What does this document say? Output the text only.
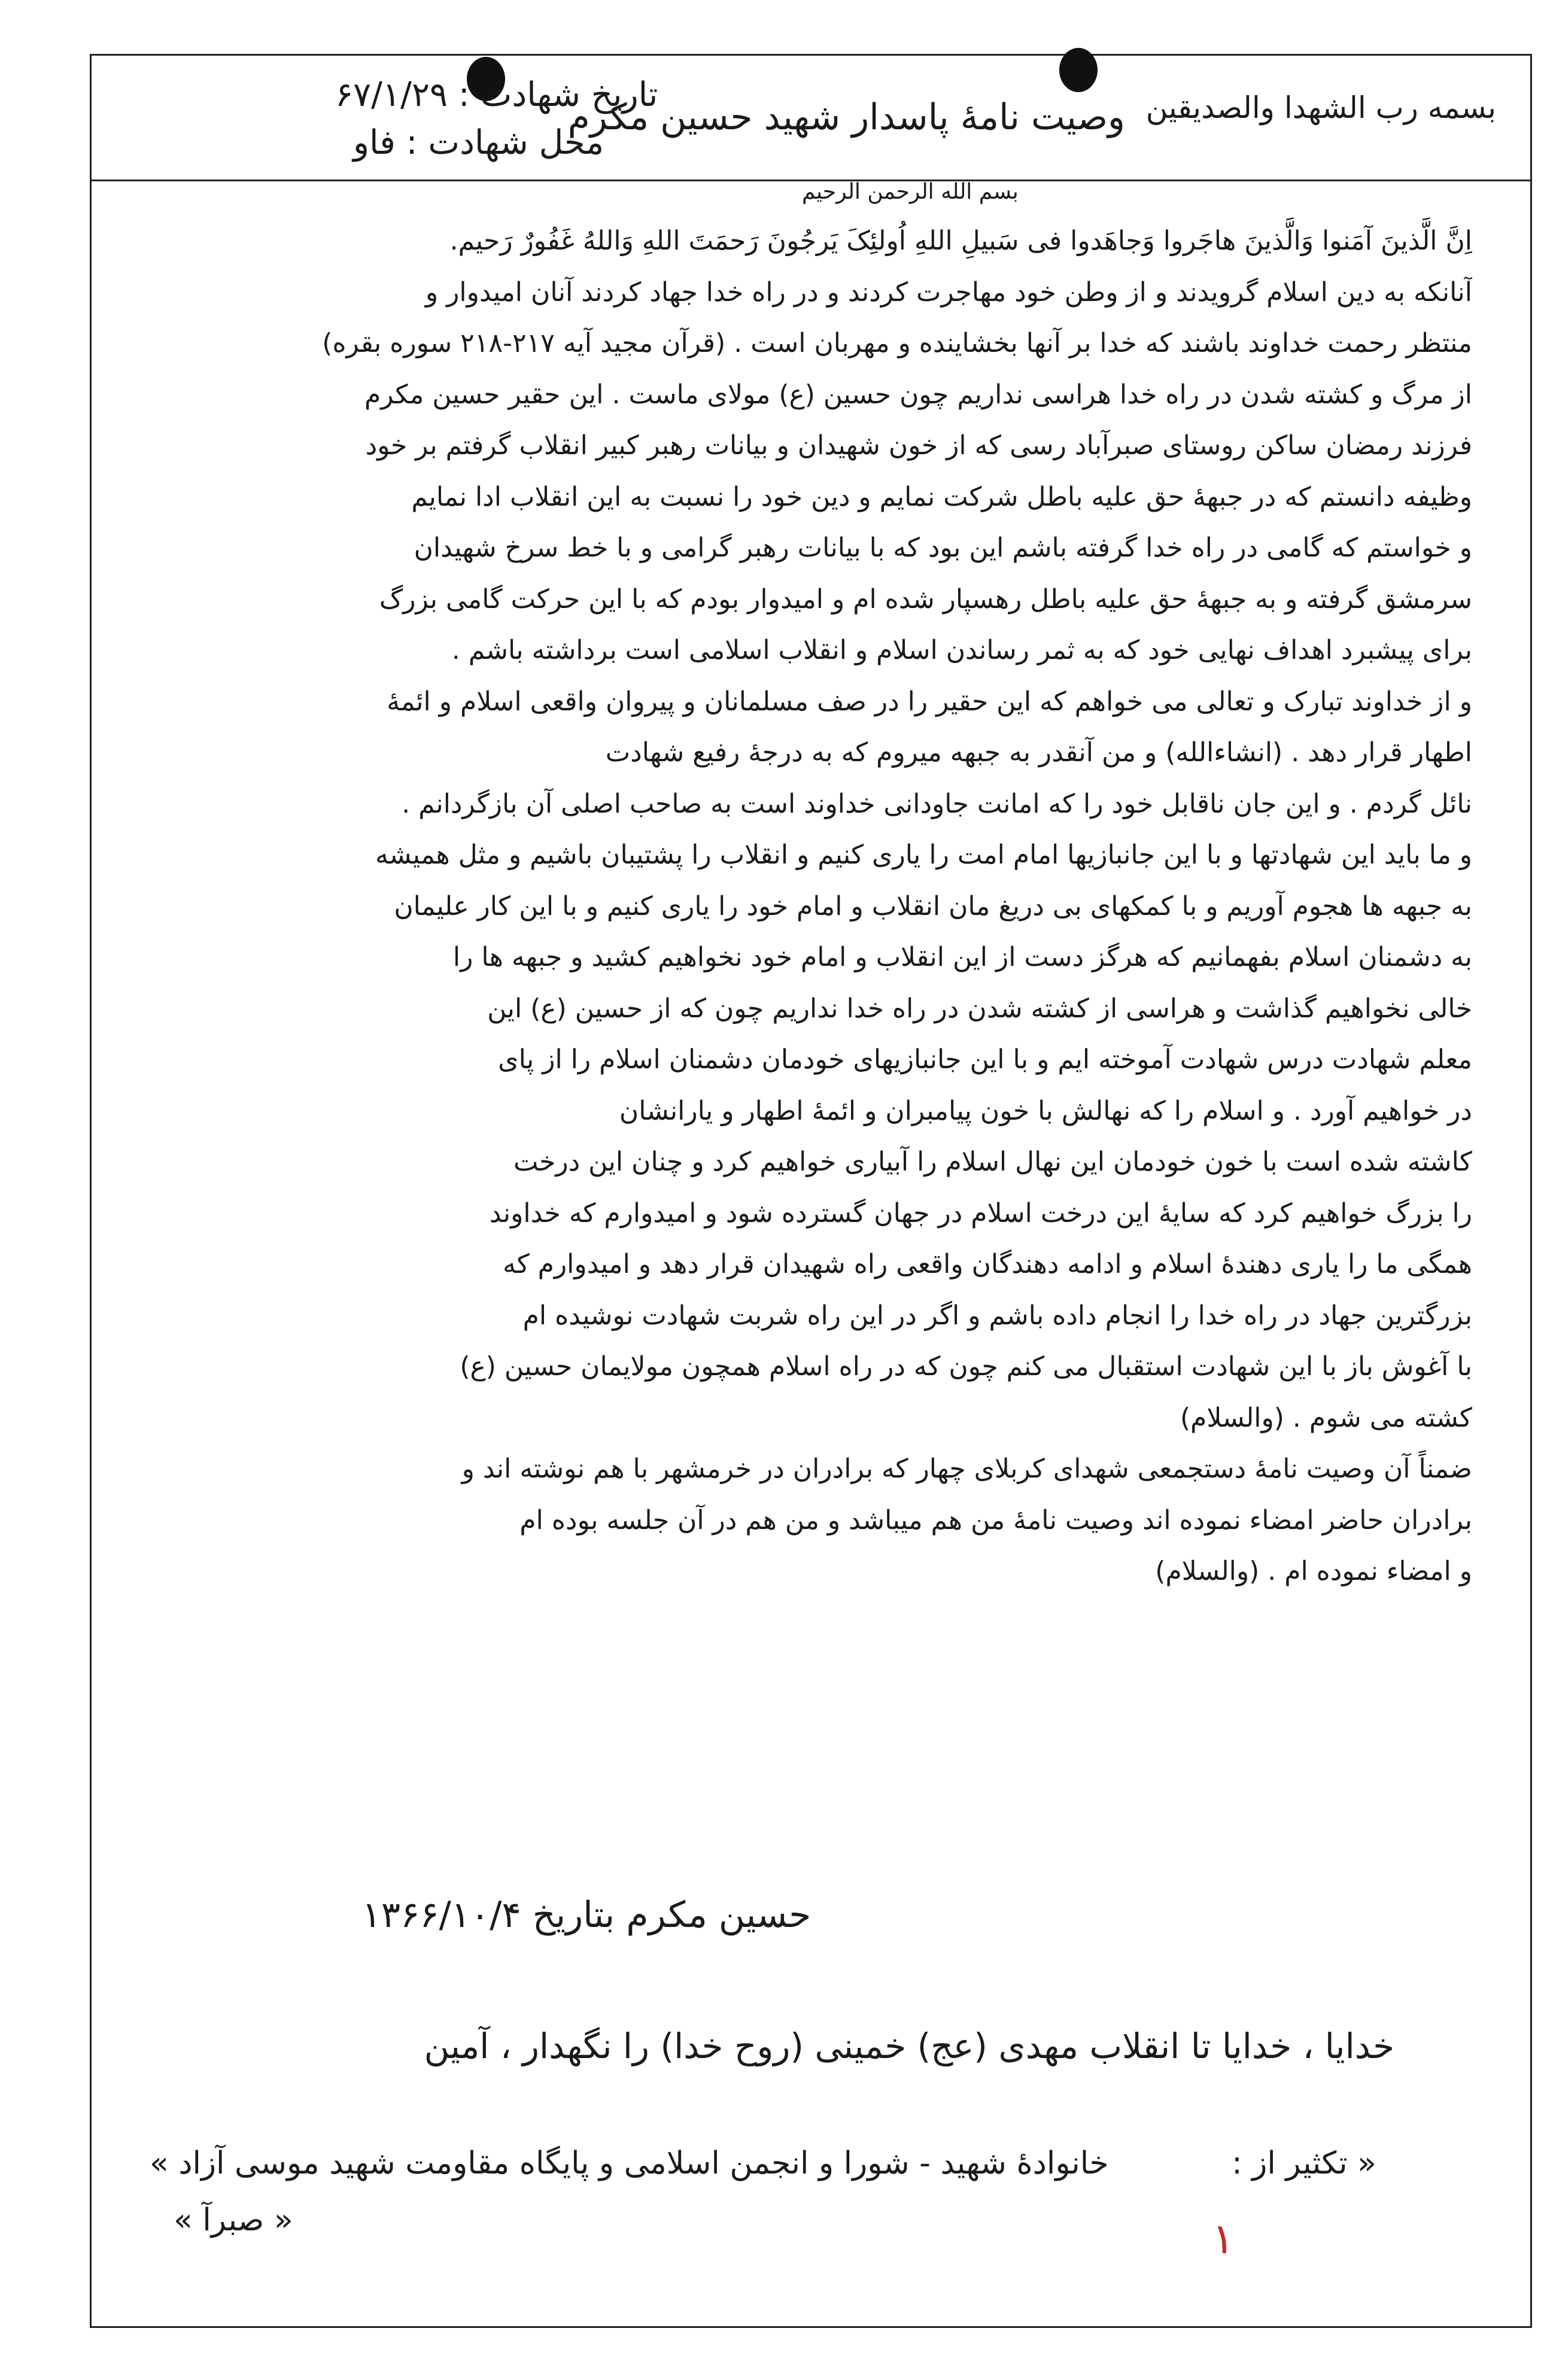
بسمه رب الشهدا والصدیقین
وصیت نامهٔ پاسدار شهید حسین مکرم
تاریخ شهادت : ۶۷/۱/۲۹
محل شهادت : فاو
بسم الله الرحمن الرحیم
اِنَّ الَّذینَ آمَنوا وَالَّذینَ هاجَروا وَجاهَدوا فی سَبیلِ اللهِ اُولئِکَ یَرجُونَ رَحمَتَ اللهِ وَاللهُ غَفُورٌ رَحیم.
آنانکه به دین اسلام گرویدند و از وطن خود مهاجرت کردند و در راه خدا جهاد کردند آنان امیدوار و
منتظر رحمت خداوند باشند که خدا بر آنها بخشاینده و مهربان است . (قرآن مجید آیه ۲۱۷-۲۱۸ سوره بقره)
از مرگ و کشته شدن در راه خدا هراسی نداریم چون حسین (ع) مولای ماست . این حقیر حسین مکرم
فرزند رمضان ساکن روستای صبرآباد رسی که از خون شهیدان و بیانات رهبر کبیر انقلاب گرفتم بر خود
وظیفه دانستم که در جبههٔ حق علیه باطل شرکت نمایم و دین خود را نسبت به این انقلاب ادا نمایم
و خواستم که گامی در راه خدا گرفته باشم این بود که با بیانات رهبر گرامی و با خط سرخ شهیدان
سرمشق گرفته و به جبههٔ حق علیه باطل رهسپار شده ام و امیدوار بودم که با این حرکت گامی بزرگ
برای پیشبرد اهداف نهایی خود که به ثمر رساندن اسلام و انقلاب اسلامی است برداشته باشم .
و از خداوند تبارک و تعالی می خواهم که این حقیر را در صف مسلمانان و پیروان واقعی اسلام و ائمهٔ
اطهار قرار دهد . (انشاءالله) و من آنقدر به جبهه میروم که به درجهٔ رفیع شهادت
نائل گردم . و این جان ناقابل خود را که امانت جاودانی خداوند است به صاحب اصلی آن بازگردانم .
و ما باید این شهادتها و با این جانبازیها امام امت را یاری کنیم و انقلاب را پشتیبان باشیم و مثل همیشه
به جبهه ها هجوم آوریم و با کمکهای بی دریغ مان انقلاب و امام خود را یاری کنیم و با این کار علیمان
به دشمنان اسلام بفهمانیم که هرگز دست از این انقلاب و امام خود نخواهیم کشید و جبهه ها را
خالی نخواهیم گذاشت و هراسی از کشته شدن در راه خدا نداریم چون که از حسین (ع) این
معلم شهادت درس شهادت آموخته ایم و با این جانبازیهای خودمان دشمنان اسلام را از پای
در خواهیم آورد . و اسلام را که نهالش با خون پیامبران و ائمهٔ اطهار و یارانشان
کاشته شده است با خون خودمان این نهال اسلام را آبیاری خواهیم کرد و چنان این درخت
را بزرگ خواهیم کرد که سایهٔ این درخت اسلام در جهان گسترده شود و امیدوارم که خداوند
همگی ما را یاری دهندهٔ اسلام و ادامه دهندگان واقعی راه شهیدان قرار دهد و امیدوارم که
بزرگترین جهاد در راه خدا را انجام داده باشم و اگر در این راه شربت شهادت نوشیده ام
با آغوش باز با این شهادت استقبال می کنم چون که در راه اسلام همچون مولایمان حسین (ع)
کشته می شوم . (والسلام)
ضمناً آن وصیت نامهٔ دستجمعی شهدای کربلای چهار که برادران در خرمشهر با هم نوشته اند و
برادران حاضر امضاء نموده اند وصیت نامهٔ من هم میباشد و من هم در آن جلسه بوده ام
و امضاء نموده ام . (والسلام)
حسین مکرم بتاریخ ۱۳۶۶/۱۰/۴
خدایا ، خدایا تا انقلاب مهدی (عج) خمینی (روح خدا) را نگهدار ، آمین
« تکثیر از :
خانوادهٔ شهید - شورا و انجمن اسلامی و پایگاه مقاومت شهید موسی آزاد »
« صبرآ »	۱
